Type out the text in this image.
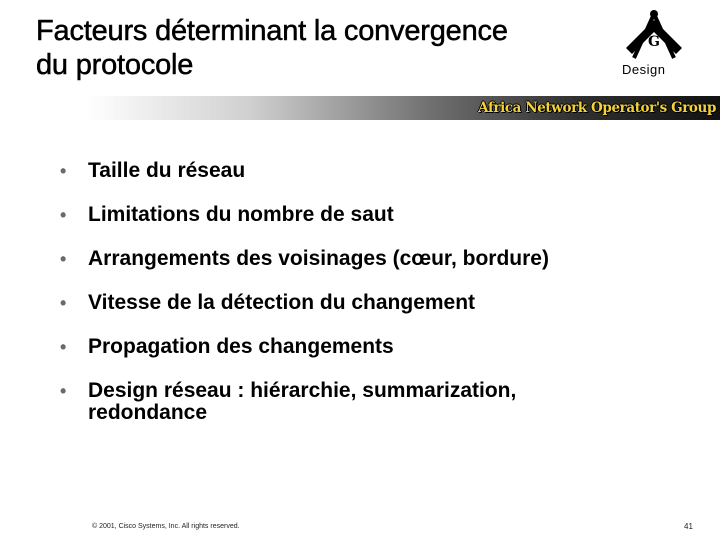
Facteurs déterminant la convergence
du protocole
G
Design
Africa Network Operator's Group
• Taille du réseau
• Limitations du nombre de saut
• Arrangements des voisinages (cœur, bordure)
• Vitesse de la détection du changement
• Propagation des changements
• Design réseau : hiérarchie, summarization,
redondance
© 2001, Cisco Systems, Inc. All rights reserved.	41
